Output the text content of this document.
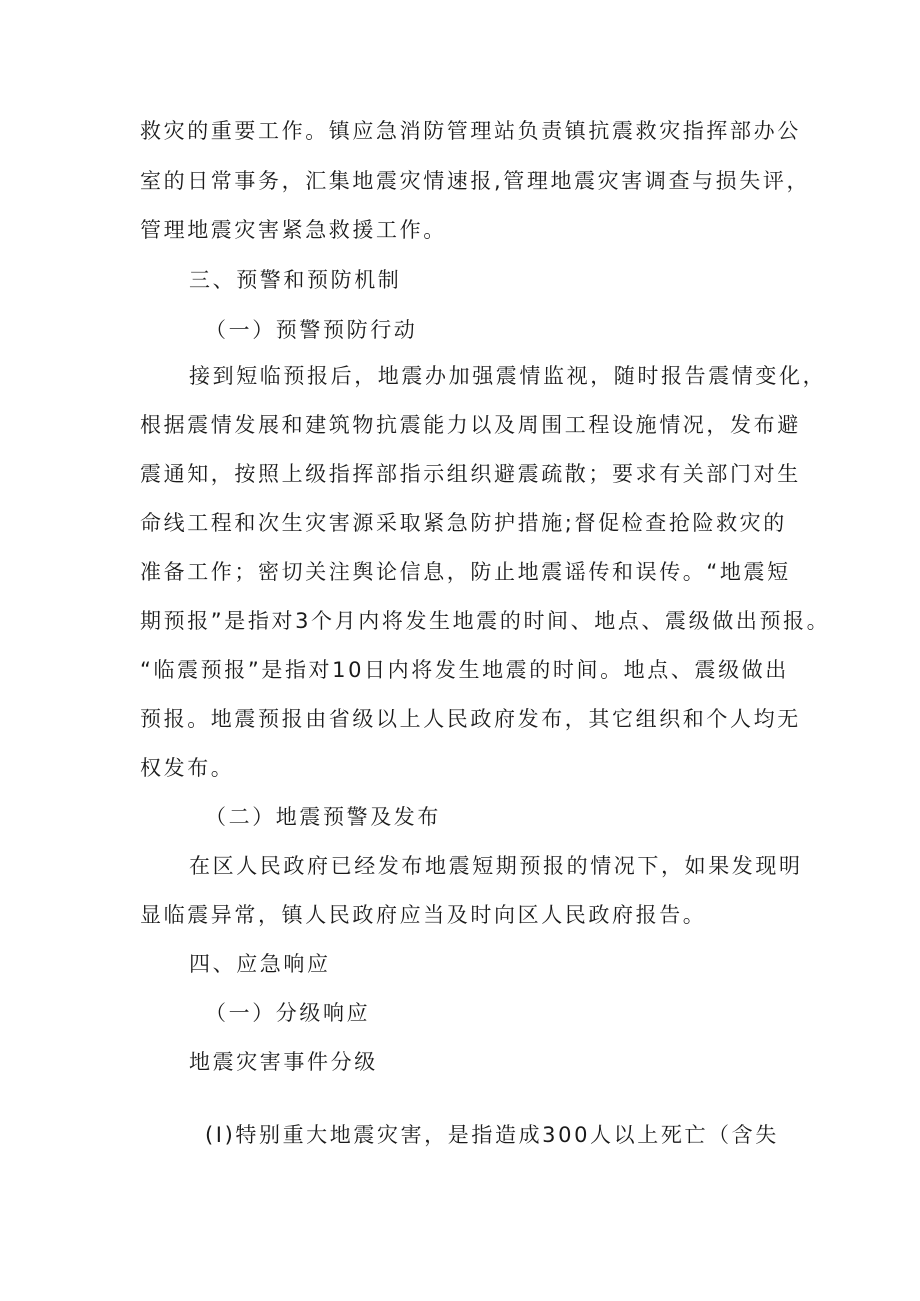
救灾的重要工作。镇应急消防管理站负责镇抗震救灾指挥部办公
室的日常事务，汇集地震灾情速报,管理地震灾害调查与损失评，
管理地震灾害紧急救援工作。
三、预警和预防机制
（一）预警预防行动
接到短临预报后，地震办加强震情监视，随时报告震情变化，
根据震情发展和建筑物抗震能力以及周围工程设施情况，发布避
震通知，按照上级指挥部指示组织避震疏散；要求有关部门对生
命线工程和次生灾害源采取紧急防护措施;督促检查抢险救灾的
准备工作；密切关注舆论信息，防止地震谣传和误传。“地震短
期预报”是指对3个月内将发生地震的时间、地点、震级做出预报。
“临震预报”是指对10日内将发生地震的时间。地点、震级做出
预报。地震预报由省级以上人民政府发布，其它组织和个人均无
权发布。
（二）地震预警及发布
在区人民政府已经发布地震短期预报的情况下，如果发现明
显临震异常，镇人民政府应当及时向区人民政府报告。
四、应急响应
（一）分级响应
地震灾害事件分级
(I)特别重大地震灾害，是指造成300人以上死亡（含失
